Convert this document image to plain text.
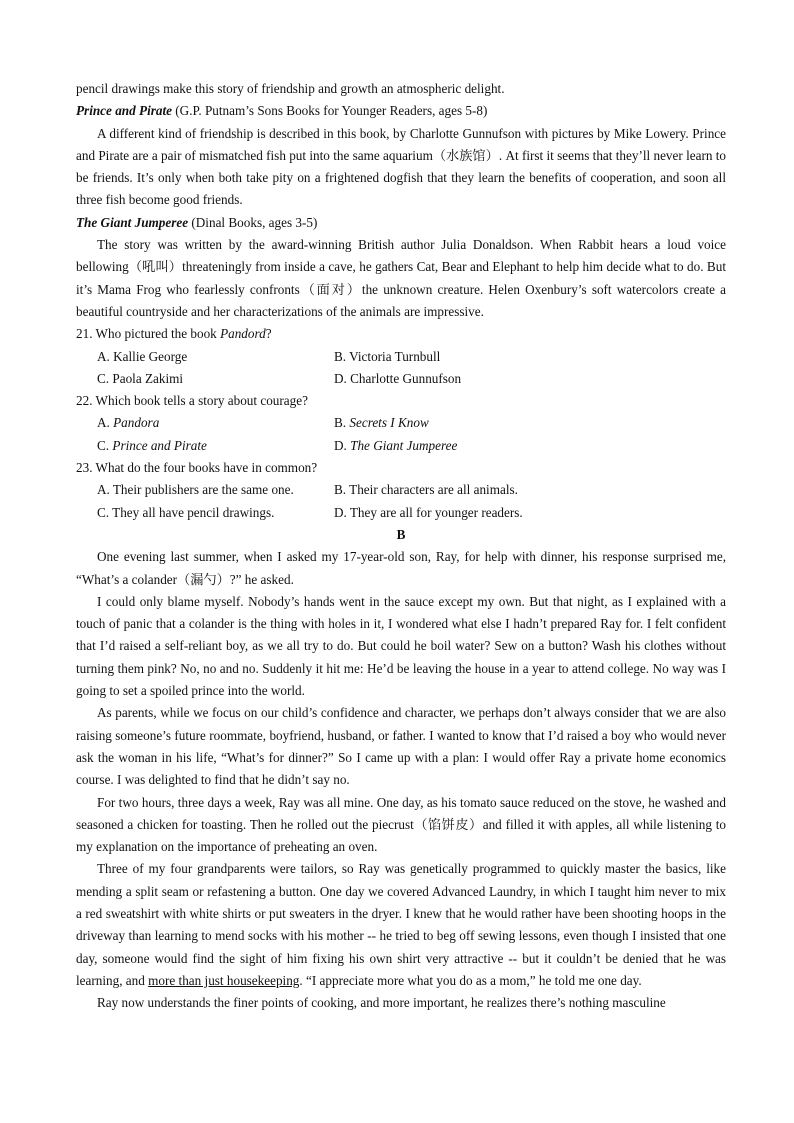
pencil drawings make this story of friendship and growth an atmospheric delight.
Prince and Pirate (G.P. Putnam’s Sons Books for Younger Readers, ages 5-8)

A different kind of friendship is described in this book, by Charlotte Gunnufson with pictures by Mike Lowery. Prince and Pirate are a pair of mismatched fish put into the same aquarium（水族馆）. At first it seems that they’ll never learn to be friends. It’s only when both take pity on a frightened dogfish that they learn the benefits of cooperation, and soon all three fish become good friends.

The Giant Jumperee (Dinal Books, ages 3-5)

The story was written by the award-winning British author Julia Donaldson. When Rabbit hears a loud voice bellowing（吼叫）threateningly from inside a cave, he gathers Cat, Bear and Elephant to help him decide what to do. But it’s Mama Frog who fearlessly confronts（面对）the unknown creature. Helen Oxenbury’s soft watercolors create a beautiful countryside and her characterizations of the animals are impressive.

21. Who pictured the book Pandord?
A. Kallie George	B. Victoria Turnbull
C. Paola Zakimi	D. Charlotte Gunnufson
22. Which book tells a story about courage?
A. Pandora	B. Secrets I Know
C. Prince and Pirate	D. The Giant Jumperee
23. What do the four books have in common?
A. Their publishers are the same one.	B. Their characters are all animals.
C. They all have pencil drawings.	D. They are all for younger readers.
B

One evening last summer, when I asked my 17-year-old son, Ray, for help with dinner, his response surprised me, “What’s a colander（漏勺）?” he asked.

I could only blame myself. Nobody’s hands went in the sauce except my own. But that night, as I explained with a touch of panic that a colander is the thing with holes in it, I wondered what else I hadn’t prepared Ray for. I felt confident that I’d raised a self-reliant boy, as we all try to do. But could he boil water? Sew on a button? Wash his clothes without turning them pink? No, no and no. Suddenly it hit me: He’d be leaving the house in a year to attend college. No way was I going to set a spoiled prince into the world.

As parents, while we focus on our child’s confidence and character, we perhaps don’t always consider that we are also raising someone’s future roommate, boyfriend, husband, or father. I wanted to know that I’d raised a boy who would never ask the woman in his life, “What’s for dinner?” So I came up with a plan: I would offer Ray a private home economics course. I was delighted to find that he didn’t say no.

For two hours, three days a week, Ray was all mine. One day, as his tomato sauce reduced on the stove, he washed and seasoned a chicken for toasting. Then he rolled out the piecrust（馅饼皮）and filled it with apples, all while listening to my explanation on the importance of preheating an oven.

Three of my four grandparents were tailors, so Ray was genetically programmed to quickly master the basics, like mending a split seam or refastening a button. One day we covered Advanced Laundry, in which I taught him never to mix a red sweatshirt with white shirts or put sweaters in the dryer. I knew that he would rather have been shooting hoops in the driveway than learning to mend socks with his mother -- he tried to beg off sewing lessons, even though I insisted that one day, someone would find the sight of him fixing his own shirt very attractive -- but it couldn’t be denied that he was learning, and more than just housekeeping. “I appreciate more what you do as a mom,” he told me one day.

Ray now understands the finer points of cooking, and more important, he realizes there’s nothing masculine
